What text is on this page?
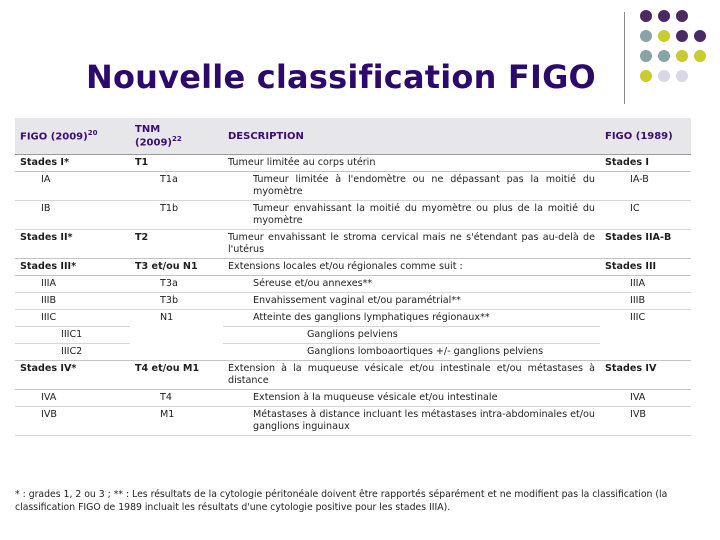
Nouvelle classification FIGO
FIGO $(2009)^{20}$	TNM
$(2009)^{22}$	DESCRIPTION	FIGO (1989)
Stades I*	T1	Tumeur limitée au corps utérin	Stades I
IA	T1a	Tumeur limitée à l'endomètre ou ne dépassant pas la moitié du myomètre	IA-B
IB	T1b	Tumeur envahissant la moitié du myomètre ou plus de la moitié du myomètre	IC
Stades II*	T2	Tumeur envahissant le stroma cervical mais ne s'étendant pas au-delà de l'utérus	Stades IIA-B
Stades III*	T3 et/ou N1	Extensions locales et/ou régionales comme suit :	Stades III
IIIA	T3a	Séreuse et/ou annexes**	IIIA
IIIB	T3b	Envahissement vaginal et/ou paramétrial**	IIIB
IIIC	N1	Atteinte des ganglions lymphatiques régionaux**	IIIC
IIIC1		Ganglions pelviens	
IIIC2		Ganglions lomboaortiques +/- ganglions pelviens	
Stades IV*	T4 et/ou M1	Extension à la muqueuse vésicale et/ou intestinale et/ou métastases à distance	Stades IV
IVA	T4	Extension à la muqueuse vésicale et/ou intestinale	IVA
IVB	M1	Métastases à distance incluant les métastases intra-abdominales et/ou ganglions inguinaux	IVB
* : grades 1, 2 ou 3 ; ** : Les résultats de la cytologie péritonéale doivent être rapportés séparément et ne modifient pas la classification (la classification FIGO de 1989 incluait les résultats d'une cytologie positive pour les stades IIIA).
